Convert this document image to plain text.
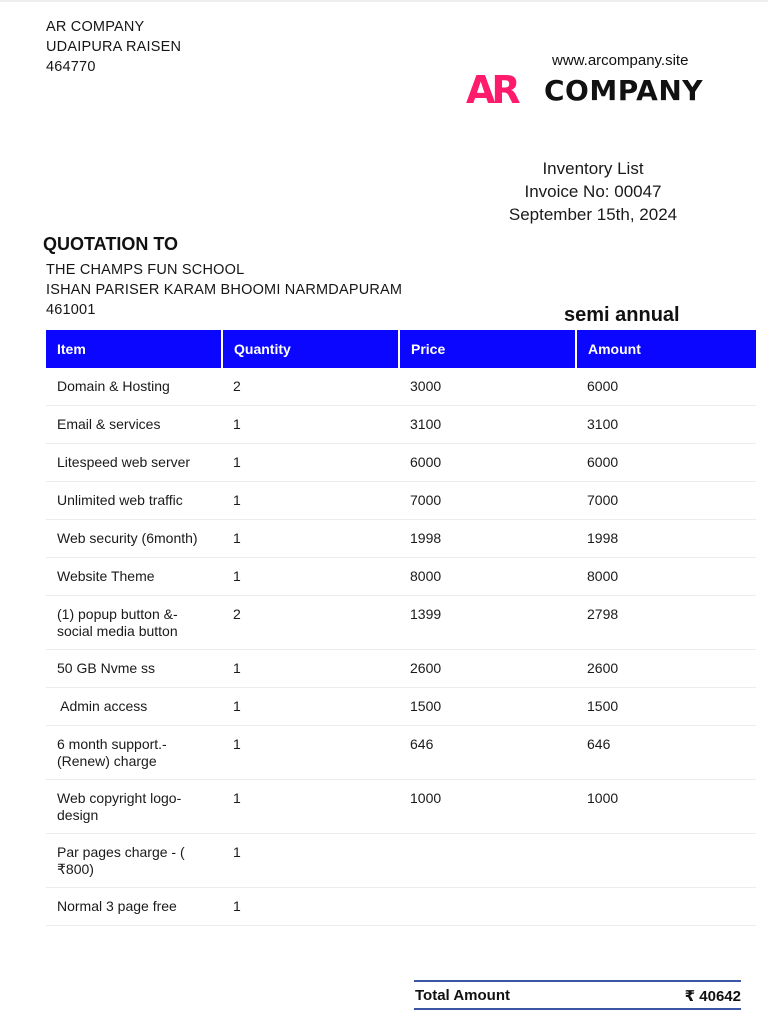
AR COMPANY
UDAIPURA RAISEN
464770	www.arcompany.site
AR COMPANY
Inventory List
Invoice No: 00047
September 15th, 2024
QUOTATION TO
THE CHAMPS FUN SCHOOL
ISHAN PARISER KARAM BHOOMI NARMDAPURAM
461001	semi annual
Item	Quantity	Price	Amount
Domain & Hosting	2	3000	6000
Email & services	1	3100	3100
Litespeed web server	1	6000	6000
Unlimited web traffic	1	7000	7000
Web security (6month)	1	1998	1998
Website Theme	1	8000	8000
(1) popup button &- social media button	2	1399	2798
50 GB Nvme ss	1	2600	2600
Admin access	1	1500	1500
6 month support.- (Renew) charge	1	646	646
Web copyright logo- design	1	1000	1000
Par pages charge - ( ₹800)	1		
Normal 3 page free	1		
Total Amount	₹ 40642
